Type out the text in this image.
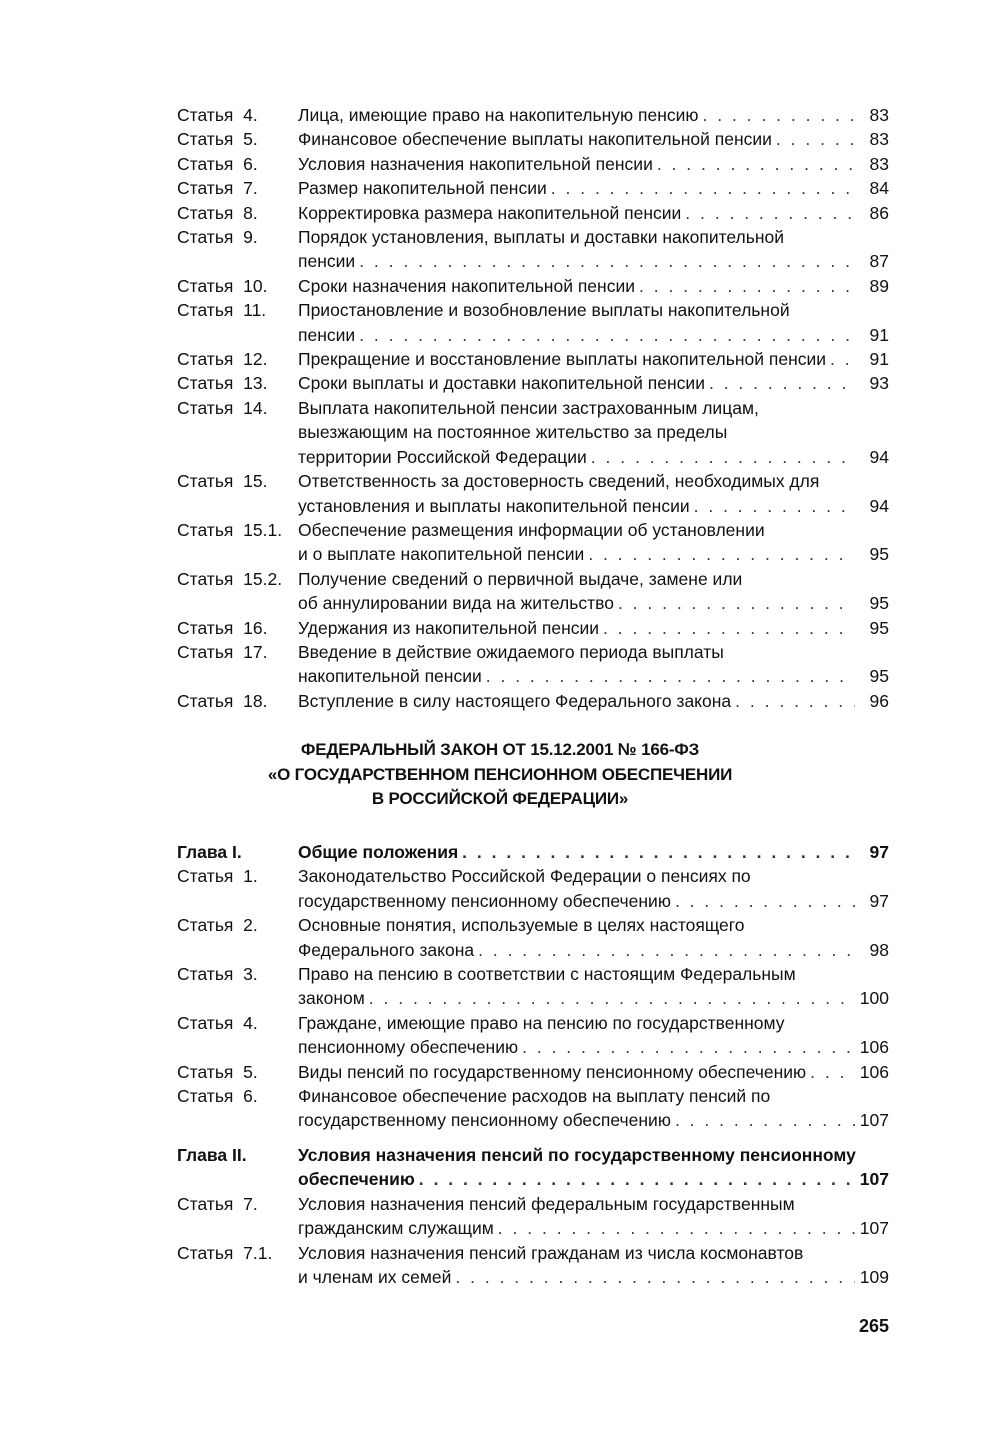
Статья  4.	Лица, имеющие право на накопительную пенсию . . .	83
Статья  5.	Финансовое обеспечение выплаты накопительной пенсии . . .	83
Статья  6.	Условия назначения накопительной пенсии . . .	83
Статья  7.	Размер накопительной пенсии . . .	84
Статья  8.	Корректировка размера накопительной пенсии . . .	86
Статья  9.	Порядок установления, выплаты и доставки накопительной
пенсии . . .	87
Статья  10.	Сроки назначения накопительной пенсии . . .	89
Статья  11.	Приостановление и возобновление выплаты накопительной
пенсии . . .	91
Статья  12.	Прекращение и восстановление выплаты накопительной пенсии . . .	91
Статья  13.	Сроки выплаты и доставки накопительной пенсии . . .	93
Статья  14.	Выплата накопительной пенсии застрахованным лицам,
выезжающим на постоянное жительство за пределы
территории Российской Федерации . . .	94
Статья  15.	Ответственность за достоверность сведений, необходимых для
установления и выплаты накопительной пенсии . . .	94
Статья  15.1. Обеспечение размещения информации об установлении
и о выплате накопительной пенсии . . .	95
Статья  15.2. Получение сведений о первичной выдаче, замене или
об аннулировании вида на жительство . . .	95
Статья  16.	Удержания из накопительной пенсии . . .	95
Статья  17.	Введение в действие ожидаемого периода выплаты
накопительной пенсии . . .	95
Статья  18.	Вступление в силу настоящего Федерального закона . . .	96
ФЕДЕРАЛЬНЫЙ ЗАКОН ОТ 15.12.2001 № 166-ФЗ
«О ГОСУДАРСТВЕННОМ ПЕНСИОННОМ ОБЕСПЕЧЕНИИ
В РОССИЙСКОЙ ФЕДЕРАЦИИ»
Глава I.	Общие положения . . .	97
Статья  1.	Законодательство Российской Федерации о пенсиях по
государственному пенсионному обеспечению . . .	97
Статья  2.	Основные понятия, используемые в целях настоящего
Федерального закона . . .	98
Статья  3.	Право на пенсию в соответствии с настоящим Федеральным
законом . . .	100
Статья  4.	Граждане, имеющие право на пенсию по государственному
пенсионному обеспечению . . .	106
Статья  5.	Виды пенсий по государственному пенсионному обеспечению . . .	106
Статья  6.	Финансовое обеспечение расходов на выплату пенсий по
государственному пенсионному обеспечению . . .	107
Глава II.	Условия назначения пенсий по государственному пенсионному
обеспечению . . .	107
Статья  7.	Условия назначения пенсий федеральным государственным
гражданским служащим . . .	107
Статья  7.1.	Условия назначения пенсий гражданам из числа космонавтов
и членам их семей . . .	109
265
